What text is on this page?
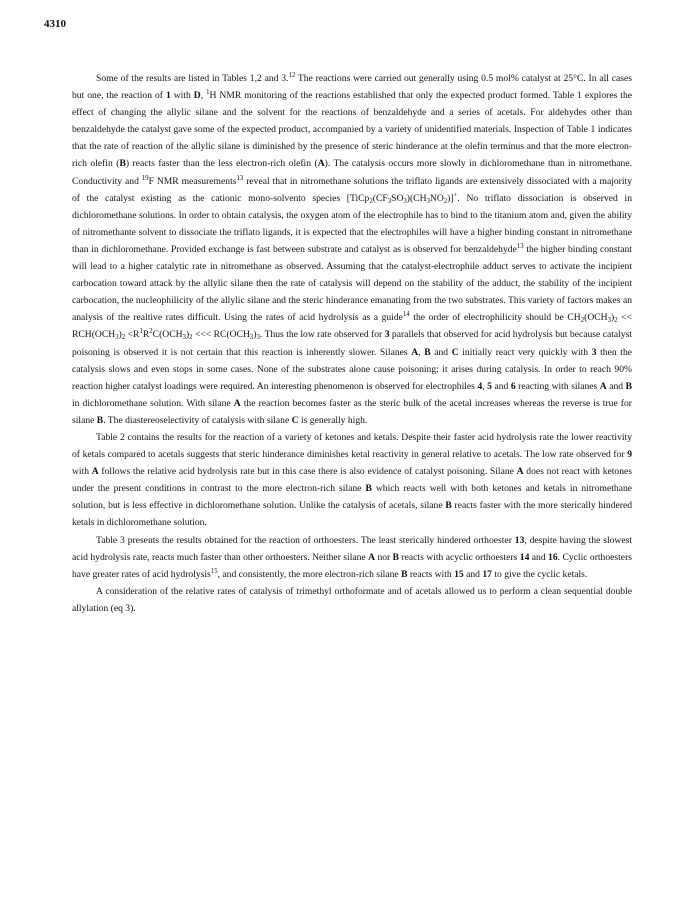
4310

Some of the results are listed in Tables 1,2 and 3.12 The reactions were carried out generally using 0.5 mol% catalyst at 25°C. In all cases but one, the reaction of 1 with D, $^1$H NMR monitoring of the reactions established that only the expected product formed. Table 1 explores the effect of changing the allylic silane and the solvent for the reactions of benzaldehyde and a series of acetals. For aldehydes other than benzaldehyde the catalyst gave some of the expected product, accompanied by a variety of unidentified materials. Inspection of Table 1 indicates that the rate of reaction of the allylic silane is diminished by the presence of steric hinderance at the olefin terminus and that the more electron-rich olefin (B) reacts faster than the less electron-rich olefin (A). The catalysis occurs more slowly in dichloromethane than in nitromethane. Conductivity and $^{19}$F NMR measurements$^{13}$ reveal that in nitromethane solutions the triflato ligands are extensively dissociated with a majority of the catalyst existing as the cationic mono-solvento species $[TiCp_2(CF_3SO_3)(CH_3NO_2)]^+$. No triflato dissociation is observed in dichloromethane solutions. In order to obtain catalysis, the oxygen atom of the electrophile has to bind to the titanium atom and, given the ability of nitromethante solvent to dissociate the triflato ligands, it is expected that the electrophiles will have a higher binding constant in nitromethane than in dichloromethane. Provided exchange is fast between substrate and catalyst as is observed for benzaldehyde$^{13}$ the higher binding constant will lead to a higher catalytic rate in nitromethane as observed. Assuming that the catalyst-electrophile adduct serves to activate the incipient carbocation toward attack by the allylic silane then the rate of catalysis will depend on the stability of the adduct, the stability of the incipient carbocation, the nucleophilicity of the allylic silane and the steric hinderance emanating from the two substrates. This variety of factors makes an analysis of the realtive rates difficult. Using the rates of acid hydrolysis as a guide$^{14}$ the order of electrophilicity should be $CH_2(OCH_3)_2 << RCH(OCH_3)_2 <R^1R^2C(OCH_3)_2$ <<< $RC(OCH_3)_3$. Thus the low rate observed for 3 parallels that observed for acid hydrolysis but because catalyst poisoning is observed it is not certain that this reaction is inherently slower. Silanes A, B and C initially react very quickly with 3 then the catalysis slows and even stops in some cases. None of the substrates alone cause poisoning; it arises during catalysis. In order to reach 90% reaction higher catalyst loadings were required. An interesting phenomenon is observed for electrophiles 4, 5 and 6 reacting with silanes A and B in dichloromethane solution. With silane A the reaction becomes faster as the steric bulk of the acetal increases whereas the reverse is true for silane B. The diastereoselectivity of catalysis with silane C is generally high.

Table 2 contains the results for the reaction of a variety of ketones and ketals. Despite their faster acid hydrolysis rate the lower reactivity of ketals compared to acetals suggests that steric hinderance diminishes ketal reactivity in general relative to acetals. The low rate observed for 9 with A follows the relative acid hydrolysis rate but in this case there is also evidence of catalyst poisoning. Silane A does not react with ketones under the present conditions in contrast to the more electron-rich silane B which reacts well with both ketones and ketals in nitromethane solution, but is less effective in dichloromethane solution. Unlike the catalysis of acetals, silane B reacts faster with the more sterically hindered ketals in dichloromethane solution.

Table 3 presents the results obtained for the reaction of orthoesters. The least sterically hindered orthoester 13, despite having the slowest acid hydrolysis rate, reacts much faster than other orthoesters. Neither silane A nor B reacts with acyclic orthoesters 14 and 16. Cyclic orthoesters have greater rates of acid hydrolysis$^{15}$, and consistently, the more electron-rich silane B reacts with 15 and 17 to give the cyclic ketals.

A consideration of the relative rates of catalysis of trimethyl orthoformate and of acetals allowed us to perform a clean sequential double allylation (eq 3).
